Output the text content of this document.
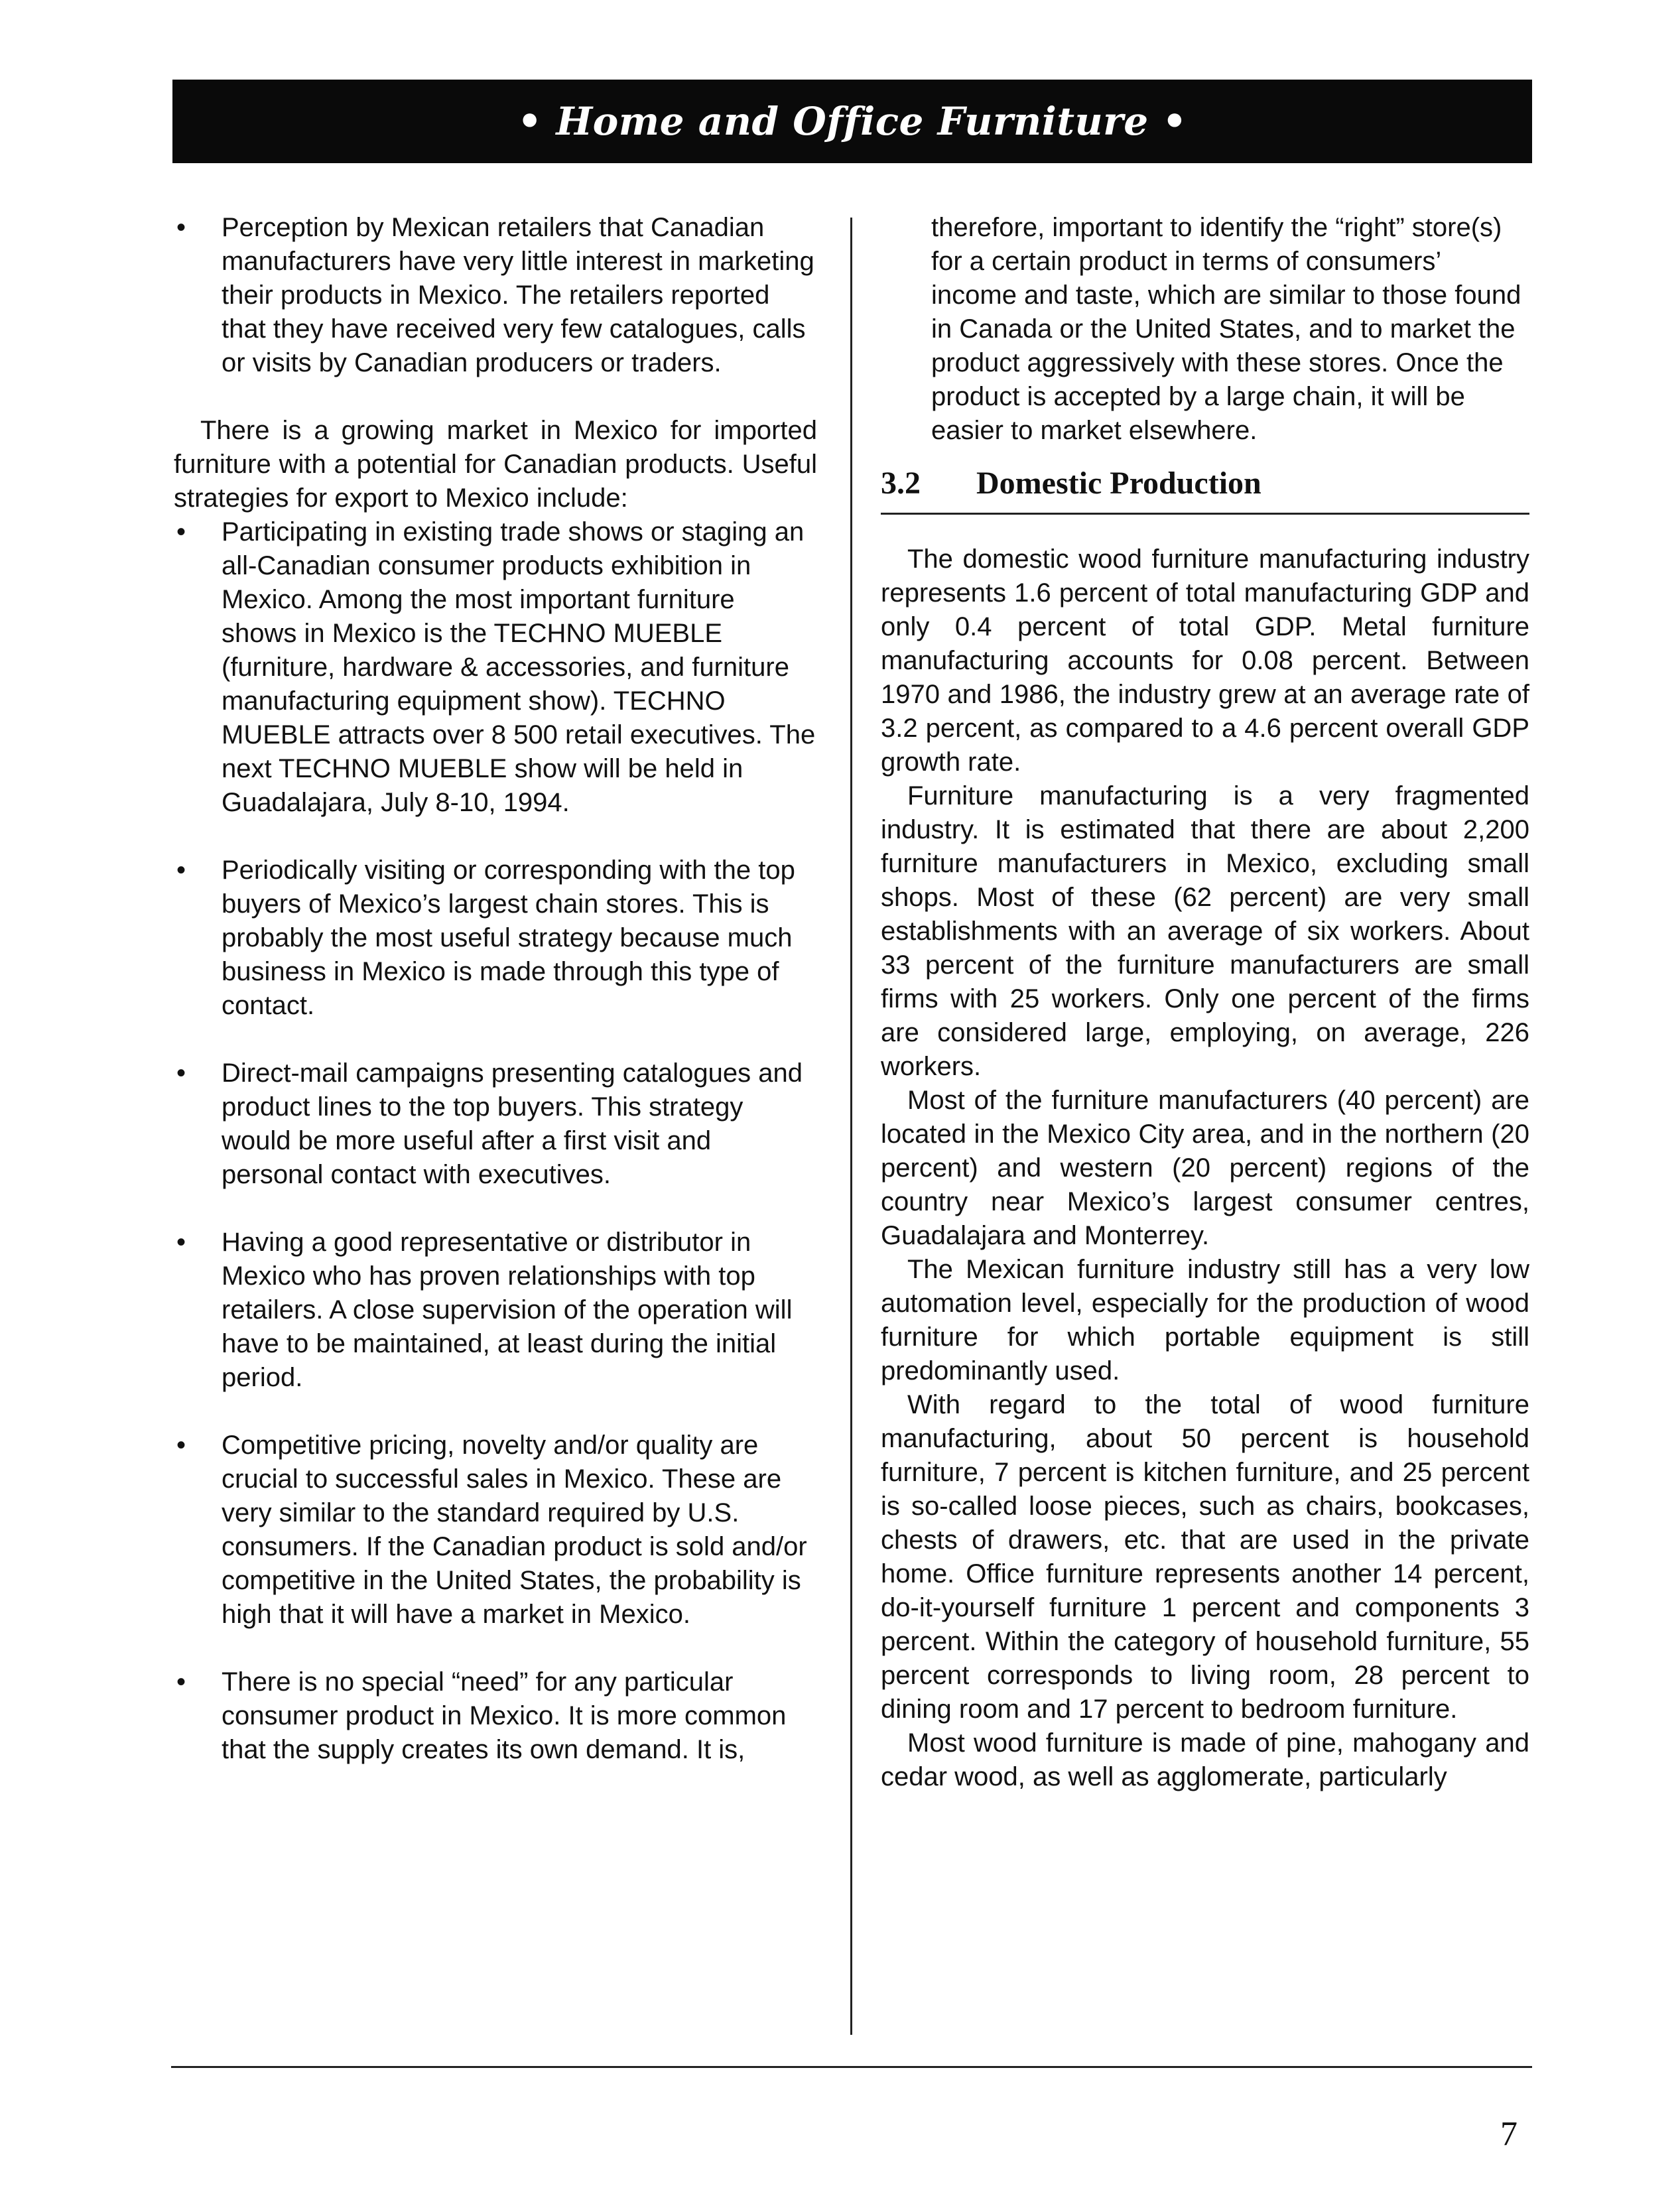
• Home and Office Furniture •
• Perception by Mexican retailers that Canadian manufacturers have very little interest in marketing their products in Mexico. The retailers reported that they have received very few catalogues, calls or visits by Canadian producers or traders.

There is a growing market in Mexico for imported furniture with a potential for Canadian products. Useful strategies for export to Mexico include:

• Participating in existing trade shows or staging an all-Canadian consumer products exhibition in Mexico. Among the most important furniture shows in Mexico is the TECHNO MUEBLE (furniture, hardware & accessories, and furniture manufacturing equipment show). TECHNO MUEBLE attracts over 8 500 retail executives. The next TECHNO MUEBLE show will be held in Guadalajara, July 8-10, 1994.

• Periodically visiting or corresponding with the top buyers of Mexico’s largest chain stores. This is probably the most useful strategy because much business in Mexico is made through this type of contact.

• Direct-mail campaigns presenting catalogues and product lines to the top buyers. This strategy would be more useful after a first visit and personal contact with executives.

• Having a good representative or distributor in Mexico who has proven relationships with top retailers. A close supervision of the operation will have to be maintained, at least during the initial period.

• Competitive pricing, novelty and/or quality are crucial to successful sales in Mexico. These are very similar to the standard required by U.S. consumers. If the Canadian product is sold and/or competitive in the United States, the probability is high that it will have a market in Mexico.

• There is no special “need” for any particular consumer product in Mexico. It is more common that the supply creates its own demand. It is,

therefore, important to identify the “right” store(s) for a certain product in terms of consumers’ income and taste, which are similar to those found in Canada or the United States, and to market the product aggressively with these stores. Once the product is accepted by a large chain, it will be easier to market elsewhere.

3.2 Domestic Production

The domestic wood furniture manufacturing industry represents 1.6 percent of total manufacturing GDP and only 0.4 percent of total GDP. Metal furniture manufacturing accounts for 0.08 percent. Between 1970 and 1986, the industry grew at an average rate of 3.2 percent, as compared to a 4.6 percent overall GDP growth rate.

Furniture manufacturing is a very fragmented industry. It is estimated that there are about 2,200 furniture manufacturers in Mexico, excluding small shops. Most of these (62 percent) are very small establishments with an average of six workers. About 33 percent of the furniture manufacturers are small firms with 25 workers. Only one percent of the firms are considered large, employing, on average, 226 workers.

Most of the furniture manufacturers (40 percent) are located in the Mexico City area, and in the northern (20 percent) and western (20 percent) regions of the country near Mexico’s largest consumer centres, Guadalajara and Monterrey.

The Mexican furniture industry still has a very low automation level, especially for the production of wood furniture for which portable equipment is still predominantly used.

With regard to the total of wood furniture manufacturing, about 50 percent is household furniture, 7 percent is kitchen furniture, and 25 percent is so-called loose pieces, such as chairs, bookcases, chests of drawers, etc. that are used in the private home. Office furniture represents another 14 percent, do-it-yourself furniture 1 percent and components 3 percent. Within the category of household furniture, 55 percent corresponds to living room, 28 percent to dining room and 17 percent to bedroom furniture.

Most wood furniture is made of pine, mahogany and cedar wood, as well as agglomerate, particularly

7
